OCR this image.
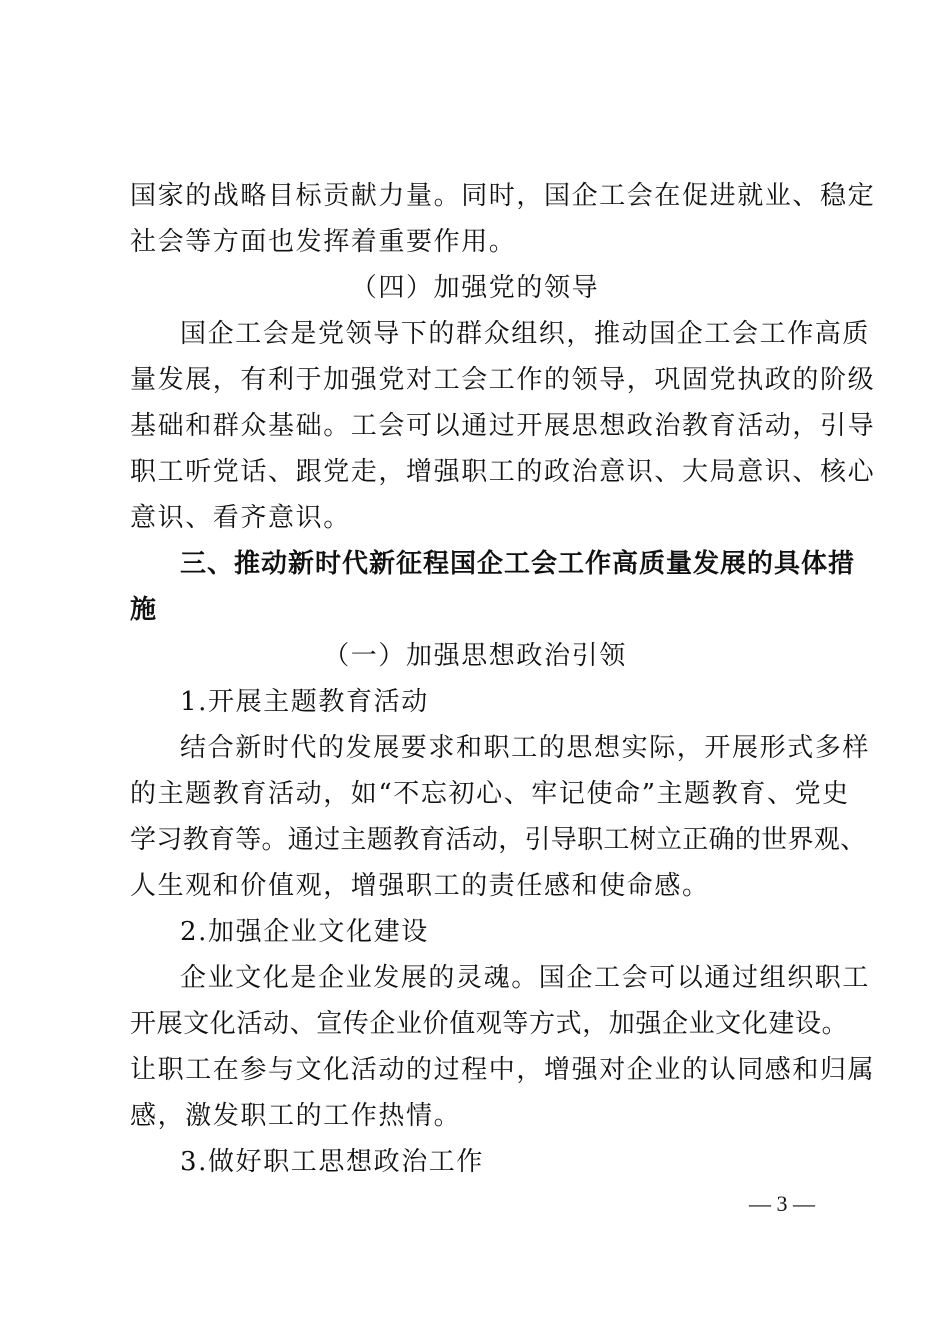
国家的战略目标贡献力量。同时，国企工会在促进就业、稳定
社会等方面也发挥着重要作用。
（四）加强党的领导
国企工会是党领导下的群众组织，推动国企工会工作高质
量发展，有利于加强党对工会工作的领导，巩固党执政的阶级
基础和群众基础。工会可以通过开展思想政治教育活动，引导
职工听党话、跟党走，增强职工的政治意识、大局意识、核心
意识、看齐意识。
三、推动新时代新征程国企工会工作高质量发展的具体措
施
（一）加强思想政治引领
1.开展主题教育活动
结合新时代的发展要求和职工的思想实际，开展形式多样
的主题教育活动，如“不忘初心、牢记使命”主题教育、党史
学习教育等。通过主题教育活动，引导职工树立正确的世界观、
人生观和价值观，增强职工的责任感和使命感。
2.加强企业文化建设
企业文化是企业发展的灵魂。国企工会可以通过组织职工
开展文化活动、宣传企业价值观等方式，加强企业文化建设。
让职工在参与文化活动的过程中，增强对企业的认同感和归属
感，激发职工的工作热情。
3.做好职工思想政治工作
— 3 —
